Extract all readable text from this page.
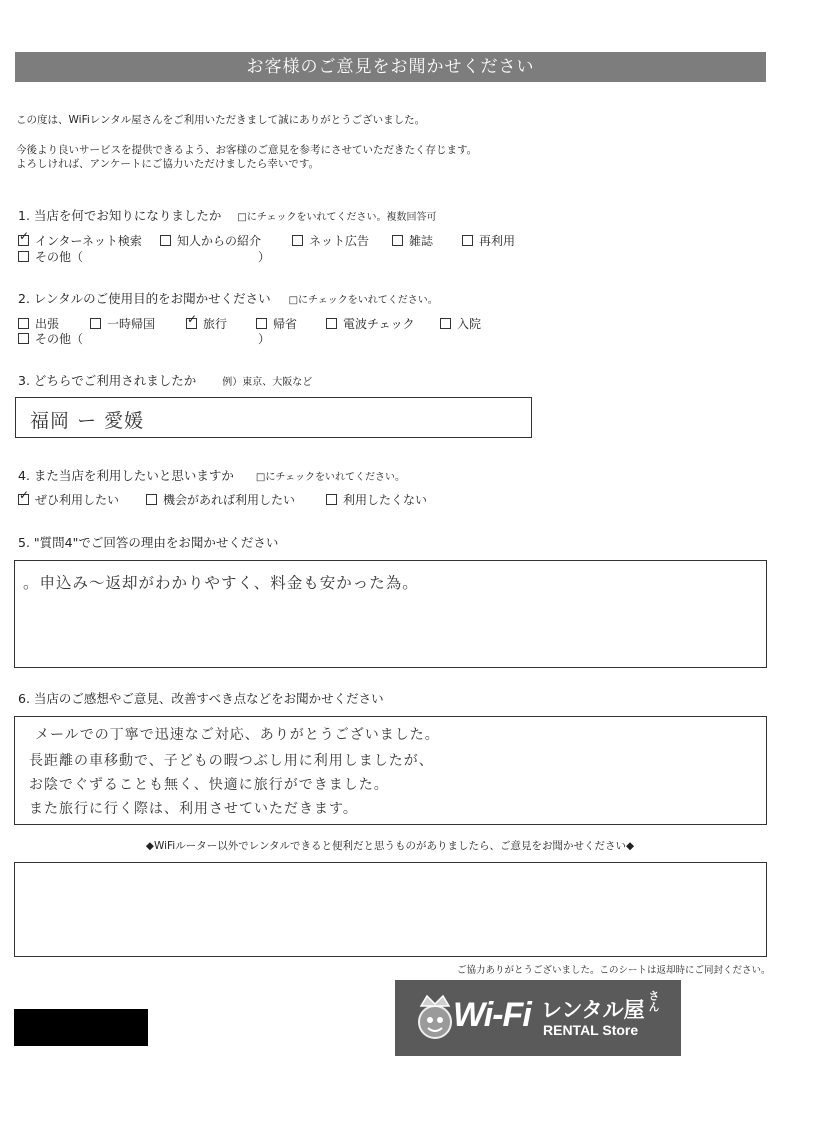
お客様のご意見をお聞かせください
この度は、WiFiレンタル屋さんをご利用いただきまして誠にありがとうございました。
今後より良いサービスを提供できるよう、お客様のご意見を参考にさせていただきたく存じます。
よろしければ、アンケートにご協力いただけましたら幸いです。
1. 当店を何でお知りになりましたか □にチェックをいれてください。複数回答可
✓ インターネット検索	知人からの紹介	ネット広告	雑誌	再利用
その他（	）
2. レンタルのご使用目的をお聞かせください □にチェックをいれてください。
出張	一時帰国	✓ 旅行	帰省	電波チェック	入院
その他（	）
3. どちらでご利用されましたか	例）東京、大阪など
福岡 ー 愛媛
4. また当店を利用したいと思いますか □にチェックをいれてください。
✓ ぜひ利用したい	機会があれば利用したい	利用したくない
5. "質問4"でご回答の理由をお聞かせください
。申込み～返却がわかりやすく、料金も安かった為。
6. 当店のご感想やご意見、改善すべき点などをお聞かせください
メールでの丁寧で迅速なご対応、ありがとうございました。
長距離の車移動で、子どもの暇つぶし用に利用しましたが、
お陰でぐずることも無く、快適に旅行ができました。
また旅行に行く際は、利用させていただきます。
◆WiFiルーター以外でレンタルできると便利だと思うものがありましたら、ご意見をお聞かせください◆
ご協力ありがとうございました。このシートは返却時にご同封ください。
Wi-Fi レンタル屋 さん
RENTAL Store
